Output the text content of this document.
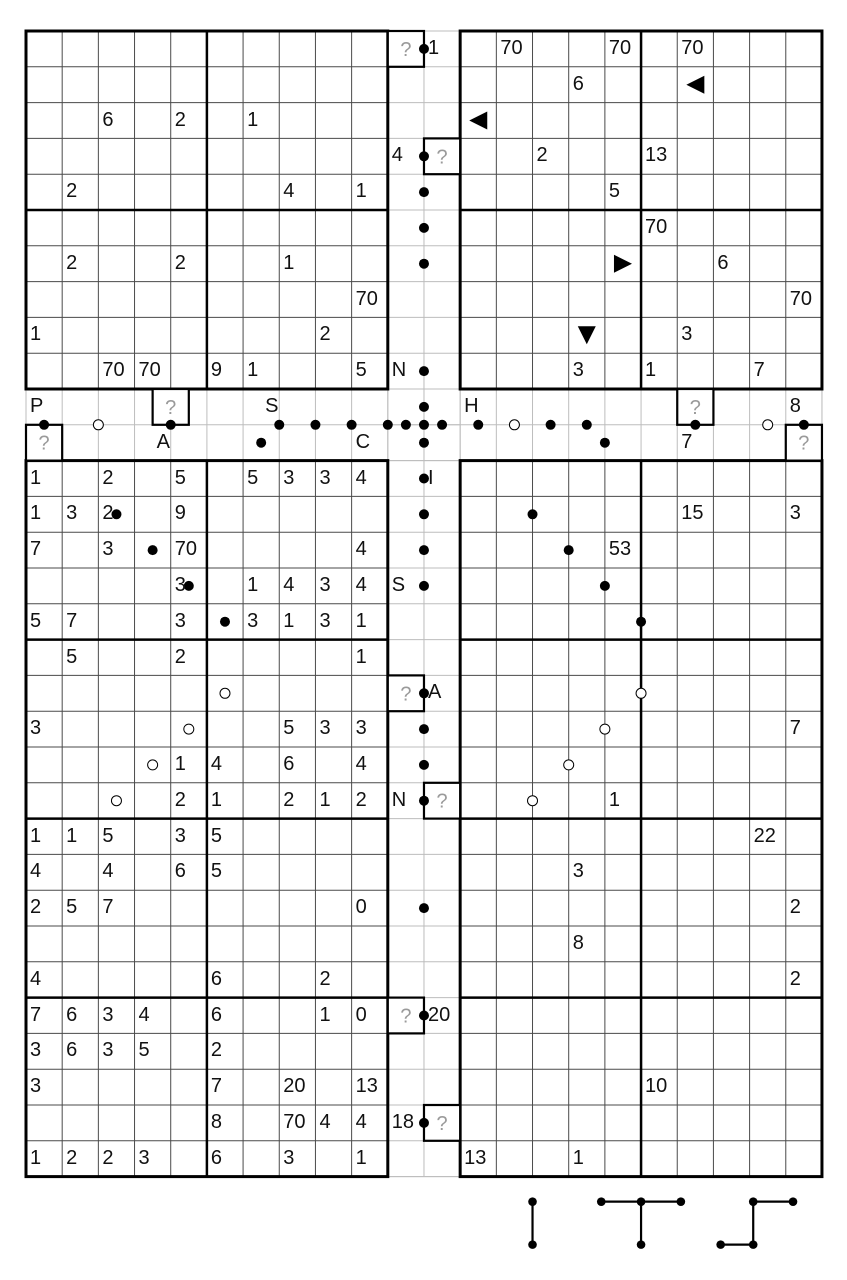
?
?
?	?
?	?
?
?
?
?
1	70	70	70
6
6	2	1
4	2	13
2	4	1	5
70
2	2	1	6
70	70
1	2	3
70 70	9 1	5 N	3	1	7
P	S	H	8
A	C	7
1	2	5	5 3 3 4	I
1 3 2	9	15	3
7	3	70	4	53
3	1 4 3 4 S
5 7	3	3 1 3 1
5	2	1
A
3	5 3 3	7
1 4	6	4
2 1	2 1 2 N	1
1 1 5	3 5	22
4	4	6 5	3
2 5 7	0	2
8
4	6	2	2
7 6 3 4	6	1 0	20
3 6 3 5	2
3	7	20	13	10
8	70 4 4 18
1 2 2 3	6	3	1	13	1
